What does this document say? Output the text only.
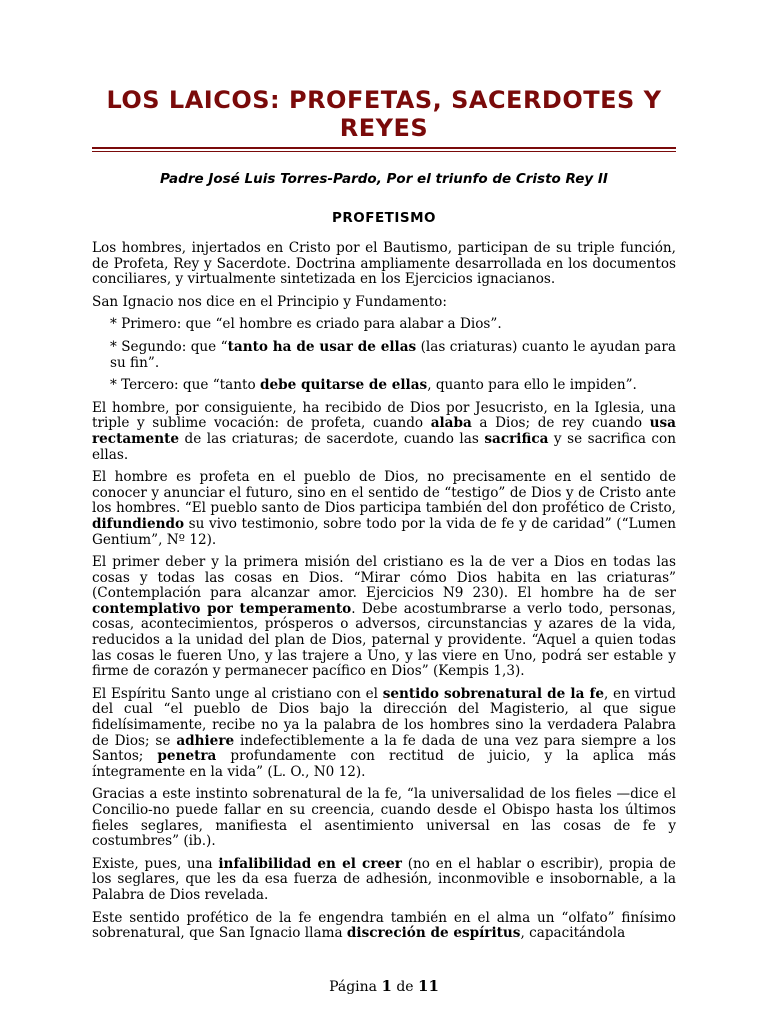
LOS LAICOS: PROFETAS, SACERDOTES Y REYES
Padre José Luis Torres-Pardo, Por el triunfo de Cristo Rey II
PROFETISMO

Los hombres, injertados en Cristo por el Bautismo, participan de su triple función, de Profeta, Rey y Sacerdote. Doctrina ampliamente desarrollada en los documentos conciliares, y virtualmente sintetizada en los Ejercicios ignacianos.

San Ignacio nos dice en el Principio y Fundamento:

* Primero: que “el hombre es criado para alabar a Dios”.

* Segundo: que “tanto ha de usar de ellas (las criaturas) cuanto le ayudan para su fin”.

* Tercero: que “tanto debe quitarse de ellas, quanto para ello le impiden”.

El hombre, por consiguiente, ha recibido de Dios por Jesucristo, en la Iglesia, una triple y sublime vocación: de profeta, cuando alaba a Dios; de rey cuando usa rectamente de las criaturas; de sacerdote, cuando las sacrifica y se sacrifica con ellas.

El hombre es profeta en el pueblo de Dios, no precisamente en el sentido de conocer y anunciar el futuro, sino en el sentido de “testigo” de Dios y de Cristo ante los hombres. “El pueblo santo de Dios participa también del don profético de Cristo, difundiendo su vivo testimonio, sobre todo por la vida de fe y de caridad” (“Lumen Gentium”, Nº 12).

El primer deber y la primera misión del cristiano es la de ver a Dios en todas las cosas y todas las cosas en Dios. “Mirar cómo Dios habita en las criaturas” (Contemplación para alcanzar amor. Ejercicios N9 230). El hombre ha de ser contemplativo por temperamento. Debe acostumbrarse a verlo todo, personas, cosas, acontecimientos, prósperos o adversos, circunstancias y azares de la vida, reducidos a la unidad del plan de Dios, paternal y providente. “Aquel a quien todas las cosas le fueren Uno, y las trajere a Uno, y las viere en Uno, podrá ser estable y firme de corazón y permanecer pacífico en Dios” (Kempis 1,3).

El Espíritu Santo unge al cristiano con el sentido sobrenatural de la fe, en virtud del cual “el pueblo de Dios bajo la dirección del Magisterio, al que sigue fidelísimamente, recibe no ya la palabra de los hombres sino la verdadera Palabra de Dios; se adhiere indefectiblemente a la fe dada de una vez para siempre a los Santos; penetra profundamente con rectitud de juicio, y la aplica más íntegramente en la vida” (L. O., N0 12).

Gracias a este instinto sobrenatural de la fe, “la universalidad de los fieles —dice el Concilio-no puede fallar en su creencia, cuando desde el Obispo hasta los últimos fieles seglares, manifiesta el asentimiento universal en las cosas de fe y costumbres” (ib.).

Existe, pues, una infalibilidad en el creer (no en el hablar o escribir), propia de los seglares, que les da esa fuerza de adhesión, inconmovible e insobornable, a la Palabra de Dios revelada.

Este sentido profético de la fe engendra también en el alma un “olfato” finísimo sobrenatural, que San Ignacio llama discreción de espíritus, capacitándola

Página 1 de 11
